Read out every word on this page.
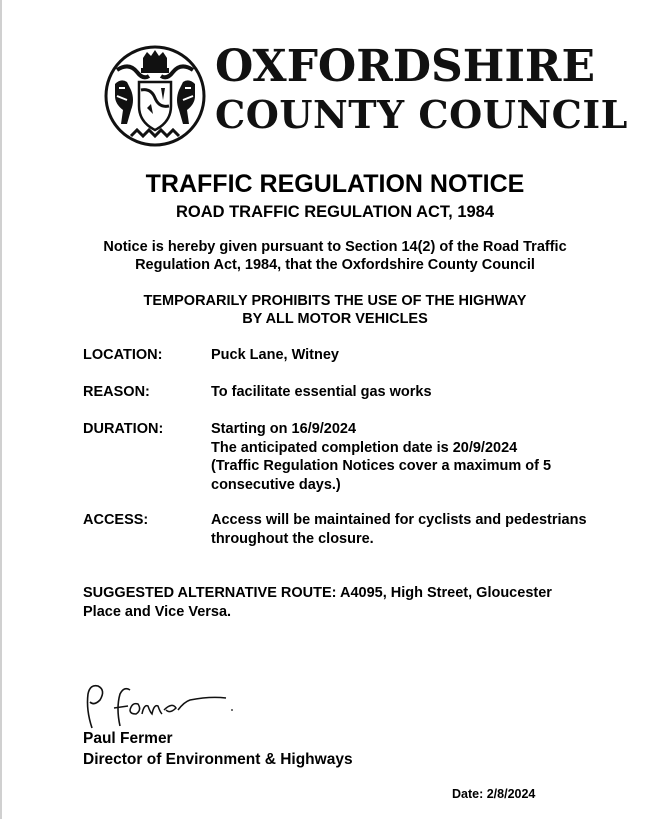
OXFORDSHIRE
COUNTY COUNCIL
TRAFFIC REGULATION NOTICE
ROAD TRAFFIC REGULATION ACT, 1984
Notice is hereby given pursuant to Section 14(2) of the Road Traffic
Regulation Act, 1984, that the Oxfordshire County Council
TEMPORARILY PROHIBITS THE USE OF THE HIGHWAY
BY ALL MOTOR VEHICLES
LOCATION:	Puck Lane, Witney
REASON:	To facilitate essential gas works
DURATION:	Starting on 16/9/2024
The anticipated completion date is 20/9/2024
(Traffic Regulation Notices cover a maximum of 5
consecutive days.)
ACCESS:	Access will be maintained for cyclists and pedestrians
throughout the closure.
SUGGESTED ALTERNATIVE ROUTE: A4095, High Street, Gloucester
Place and Vice Versa.
Paul Fermer
Director of Environment & Highways
Date: 2/8/2024
